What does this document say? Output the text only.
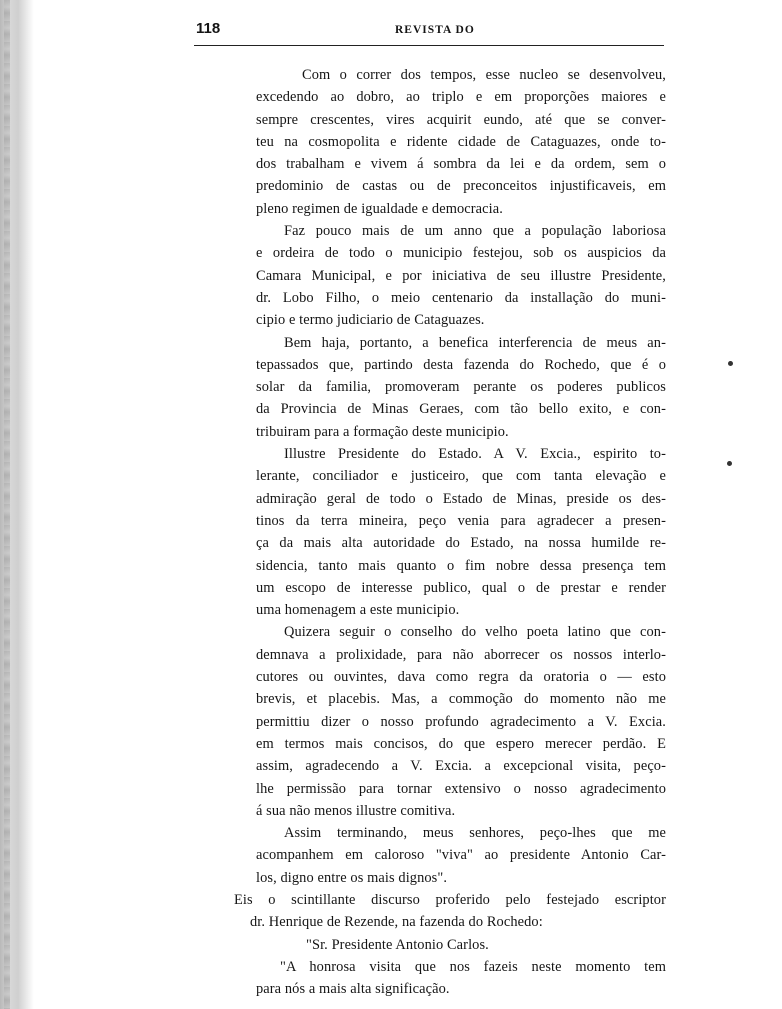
118	REVISTA DO
Com o correr dos tempos, esse nucleo se desenvolveu,
excedendo ao dobro, ao triplo e em proporções maiores e
sempre crescentes, vires acquirit eundo, até que se conver-
teu na cosmopolita e ridente cidade de Cataguazes, onde to-
dos trabalham e vivem á sombra da lei e da ordem, sem o
predominio de castas ou de preconceitos injustificaveis, em
pleno regimen de igualdade e democracia.
Faz pouco mais de um anno que a população laboriosa
e ordeira de todo o municipio festejou, sob os auspicios da
Camara Municipal, e por iniciativa de seu illustre Presidente,
dr. Lobo Filho, o meio centenario da installação do muni-
cipio e termo judiciario de Cataguazes.
Bem haja, portanto, a benefica interferencia de meus an-
tepassados que, partindo desta fazenda do Rochedo, que é o
solar da familia, promoveram perante os poderes publicos
da Provincia de Minas Geraes, com tão bello exito, e con-
tribuiram para a formação deste municipio.
Illustre Presidente do Estado. A V. Excia., espirito to-
lerante, conciliador e justiceiro, que com tanta elevação e
admiração geral de todo o Estado de Minas, preside os des-
tinos da terra mineira, peço venia para agradecer a presen-
ça da mais alta autoridade do Estado, na nossa humilde re-
sidencia, tanto mais quanto o fim nobre dessa presença tem
um escopo de interesse publico, qual o de prestar e render
uma homenagem a este municipio.
Quizera seguir o conselho do velho poeta latino que con-
demnava a prolixidade, para não aborrecer os nossos interlo-
cutores ou ouvintes, dava como regra da oratoria o — esto
brevis, et placebis. Mas, a commoção do momento não me
permittiu dizer o nosso profundo agradecimento a V. Excia.
em termos mais concisos, do que espero merecer perdão. E
assim, agradecendo a V. Excia. a excepcional visita, peço-
lhe permissão para tornar extensivo o nosso agradecimento
á sua não menos illustre comitiva.
Assim terminando, meus senhores, peço-lhes que me
acompanhem em caloroso "viva" ao presidente Antonio Car-
los, digno entre os mais dignos".
Eis o scintillante discurso proferido pelo festejado escriptor
dr. Henrique de Rezende, na fazenda do Rochedo:
"Sr. Presidente Antonio Carlos.
"A honrosa visita que nos fazeis neste momento tem
para nós a mais alta significação.
